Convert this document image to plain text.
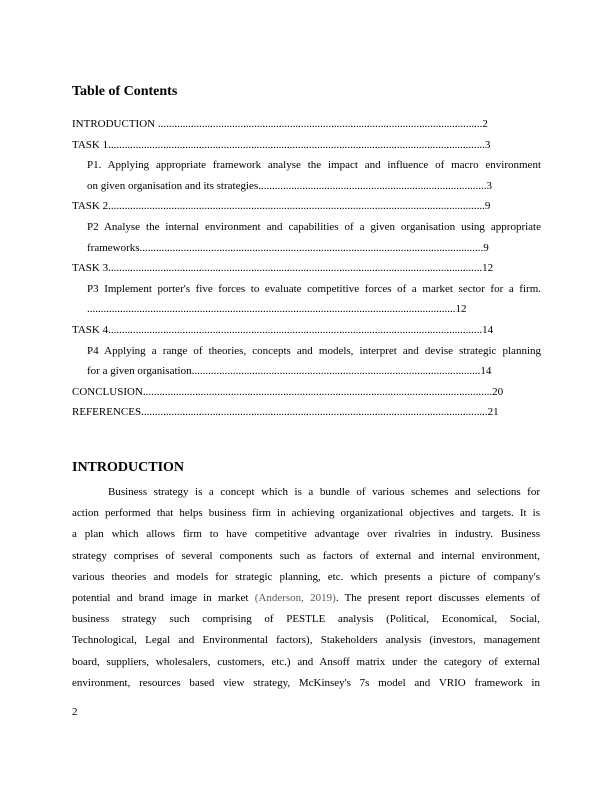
Table of Contents
INTRODUCTION ......................................................................................................................2
TASK 1.........................................................................................................................................3
P1. Applying appropriate framework analyse the impact and influence of macro environment
on given organisation and its strategies...................................................................................3
TASK 2.........................................................................................................................................9
P2 Analyse the internal environment and capabilities of a given organisation using appropriate
frameworks.............................................................................................................................9
TASK 3........................................................................................................................................12
P3 Implement porter's five forces to evaluate competitive forces of a market sector for a firm.
......................................................................................................................................12
TASK 4........................................................................................................................................14
P4 Applying a range of theories, concepts and models, interpret and devise strategic planning
for a given organisation.........................................................................................................14
CONCLUSION...............................................................................................................................20
REFERENCES..............................................................................................................................21
INTRODUCTION
Business strategy is a concept which is a bundle of various schemes and selections for
action performed that helps business firm in achieving organizational objectives and targets. It is
a plan which allows firm to have competitive advantage over rivalries in industry. Business
strategy comprises of several components such as factors of external and internal environment,
various theories and models for strategic planning, etc. which presents a picture of company's
potential and brand image in market (Anderson, 2019). The present report discusses elements of
business strategy such comprising of PESTLE analysis (Political, Economical, Social,
Technological, Legal and Environmental factors), Stakeholders analysis (investors, management
board, suppliers, wholesalers, customers, etc.) and Ansoff matrix under the category of external
environment, resources based view strategy, McKinsey's 7s model and VRIO framework in
2
